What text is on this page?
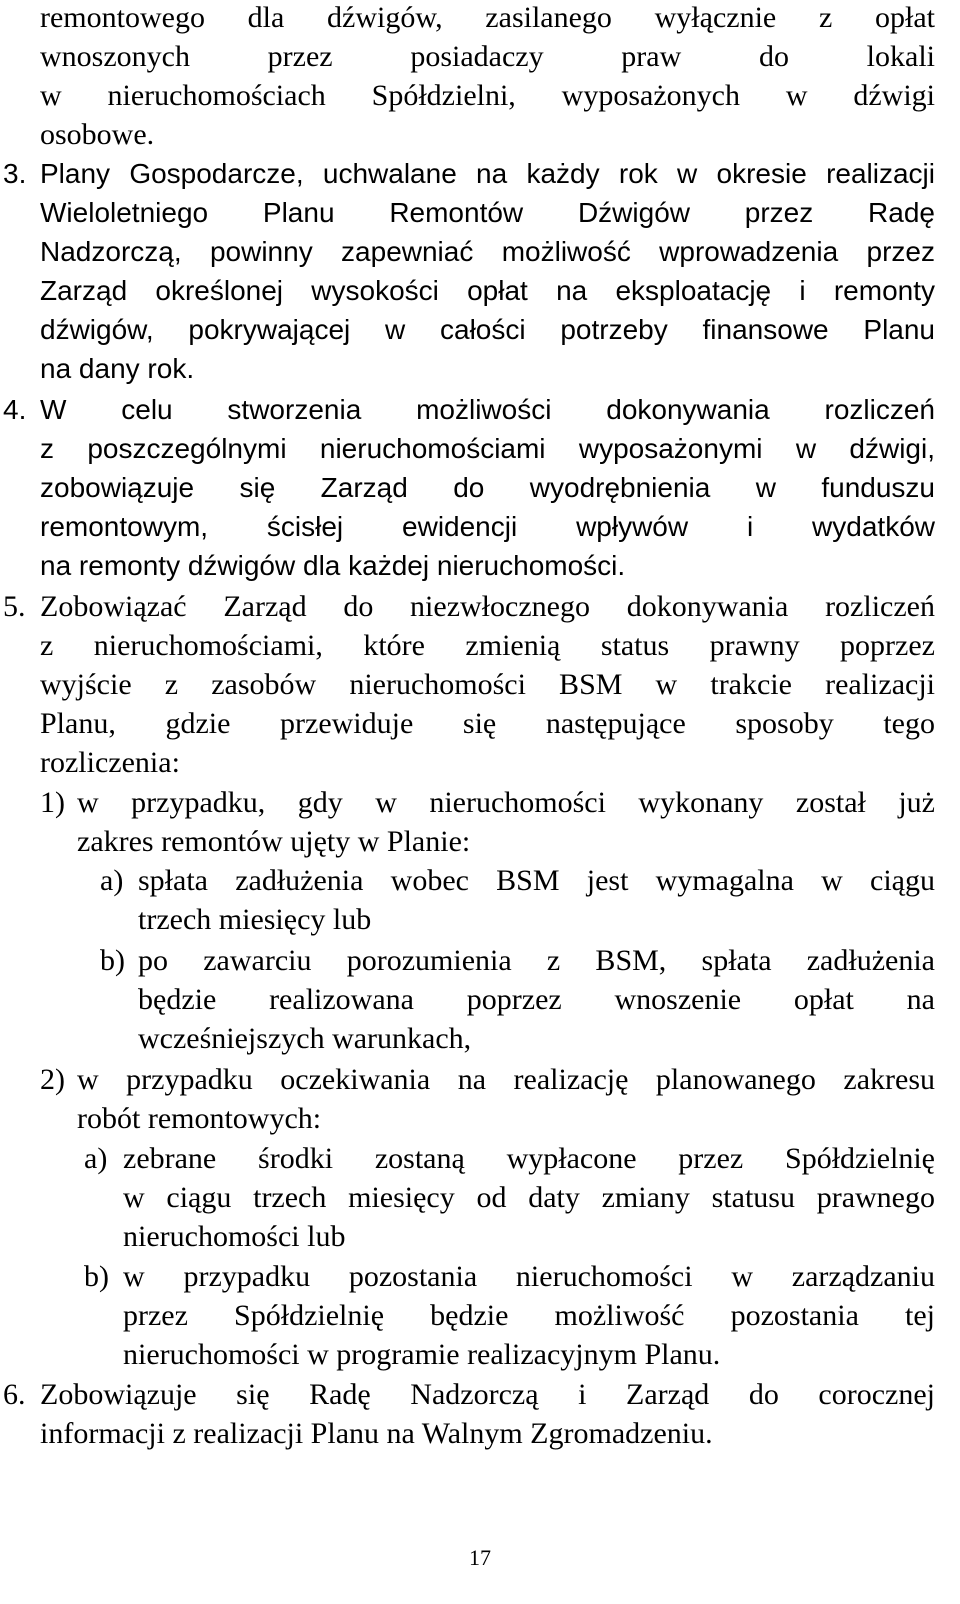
remontowego dla dźwigów, zasilanego wyłącznie z opłat
wnoszonych przez posiadaczy praw do lokali
w nieruchomościach Spółdzielni, wyposażonych w dźwigi
osobowe.
3. Plany Gospodarcze, uchwalane na każdy rok w okresie realizacji
Wieloletniego Planu Remontów Dźwigów przez Radę
Nadzorczą, powinny zapewniać możliwość wprowadzenia przez
Zarząd określonej wysokości opłat na eksploatację i remonty
dźwigów, pokrywającej w całości potrzeby finansowe Planu
na dany rok.
4. W celu stworzenia możliwości dokonywania rozliczeń
z poszczególnymi nieruchomościami wyposażonymi w dźwigi,
zobowiązuje się Zarząd do wyodrębnienia w funduszu
remontowym, ścisłej ewidencji wpływów i wydatków
na remonty dźwigów dla każdej nieruchomości.
5. Zobowiązać Zarząd do niezwłocznego dokonywania rozliczeń
z nieruchomościami, które zmienią status prawny poprzez
wyjście z zasobów nieruchomości BSM w trakcie realizacji
Planu, gdzie przewiduje się następujące sposoby tego
rozliczenia:
1) w przypadku, gdy w nieruchomości wykonany został już
zakres remontów ujęty w Planie:
a) spłata zadłużenia wobec BSM jest wymagalna w ciągu
trzech miesięcy lub
b) po zawarciu porozumienia z BSM, spłata zadłużenia
będzie realizowana poprzez wnoszenie opłat na
wcześniejszych warunkach,
2) w przypadku oczekiwania na realizację planowanego zakresu
robót remontowych:
a) zebrane środki zostaną wypłacone przez Spółdzielnię
w ciągu trzech miesięcy od daty zmiany statusu prawnego
nieruchomości lub
b) w przypadku pozostania nieruchomości w zarządzaniu
przez Spółdzielnię będzie możliwość pozostania tej
nieruchomości w programie realizacyjnym Planu.
6. Zobowiązuje się Radę Nadzorczą i Zarząd do corocznej
informacji z realizacji Planu na Walnym Zgromadzeniu.
17
